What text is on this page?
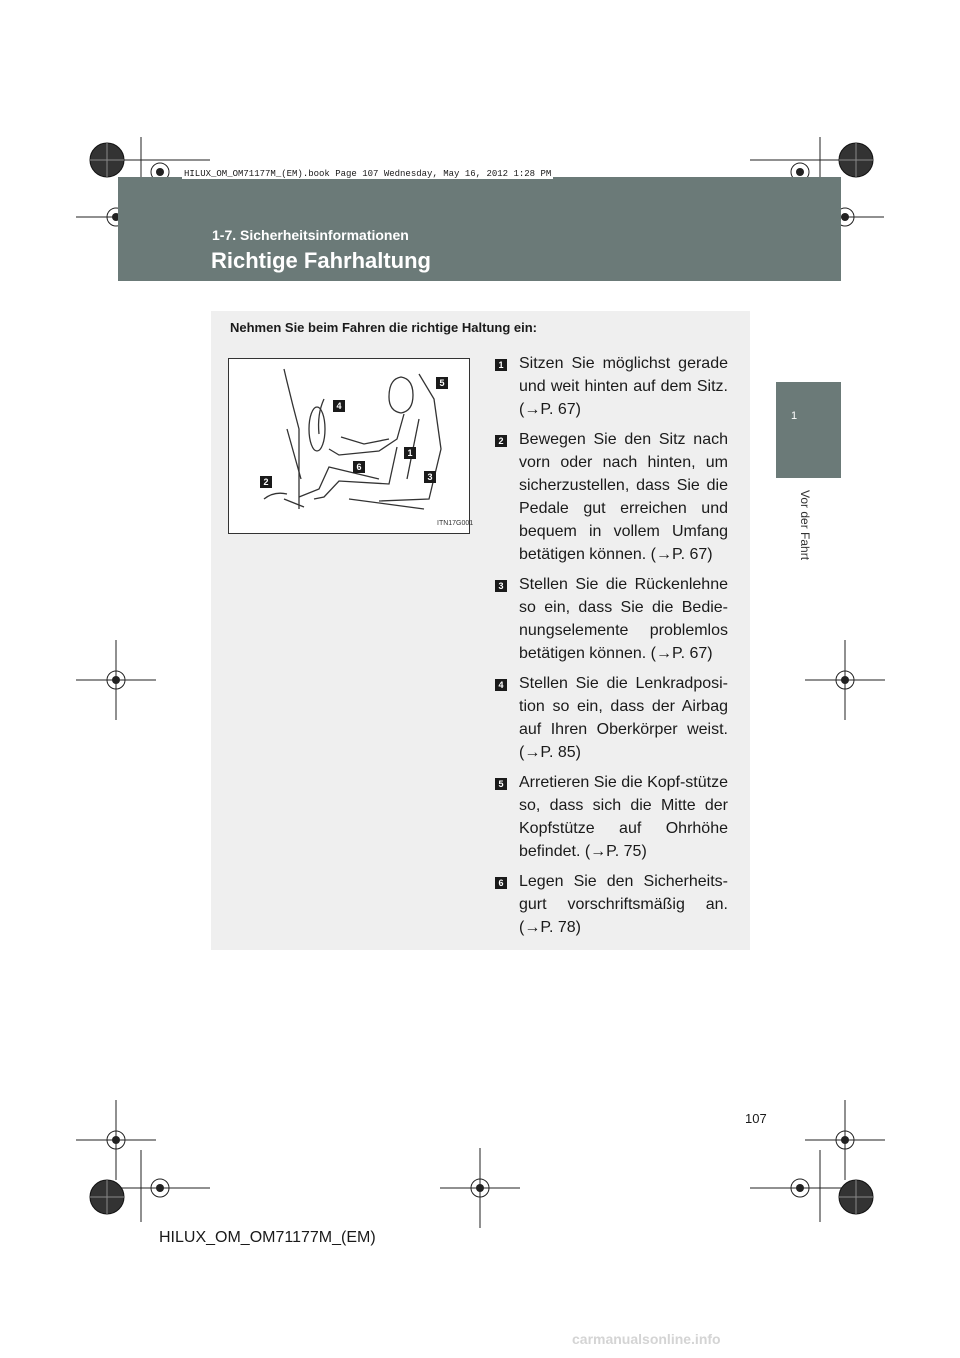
HILUX_OM_OM71177M_(EM).book Page 107 Wednesday, May 16, 2012 1:28 PM
1-7. Sicherheitsinformationen
Richtige Fahrhaltung
1
Vor der Fahrt
Nehmen Sie beim Fahren die richtige Haltung ein:
5
4
1
6
3
2
ITN17G001
1 Sitzen Sie möglichst gerade und weit hinten auf dem Sitz. (→P. 67)
2 Bewegen Sie den Sitz nach vorn oder nach hinten, um sicherzustellen, dass Sie die Pedale gut erreichen und bequem in vollem Umfang betätigen können. (→P. 67)
3 Stellen Sie die Rückenlehne so ein, dass Sie die Bedie-nungselemente problemlos betätigen können. (→P. 67)
4 Stellen Sie die Lenkradposi-tion so ein, dass der Airbag auf Ihren Oberkörper weist. (→P. 85)
5 Arretieren Sie die Kopf-stütze so, dass sich die Mitte der Kopfstütze auf Ohrhöhe befindet. (→P. 75)
6 Legen Sie den Sicherheits-gurt vorschriftsmäßig an. (→P. 78)
107
HILUX_OM_OM71177M_(EM)
carmanualsonline.info
